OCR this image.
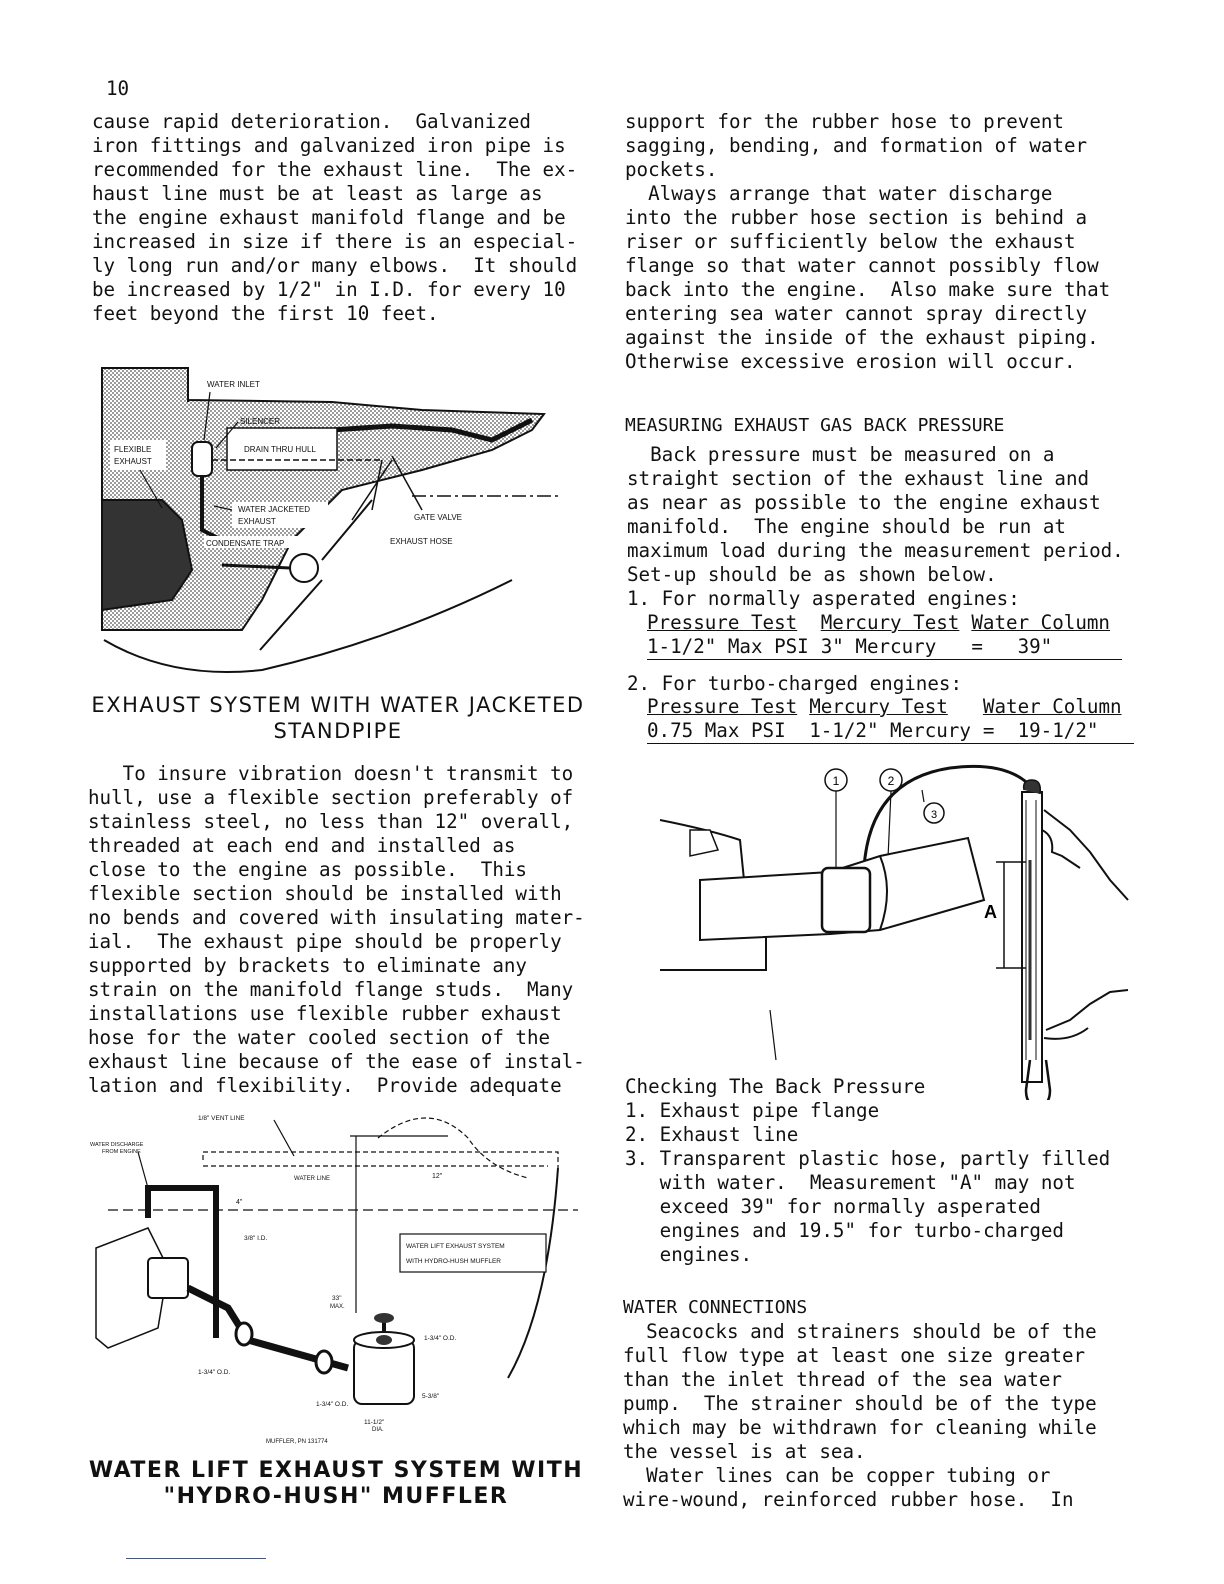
10
cause rapid deterioration.  Galvanized
iron fittings and galvanized iron pipe is
recommended for the exhaust line.  The ex-
haust line must be at least as large as
the engine exhaust manifold flange and be
increased in size if there is an especial-
ly long run and/or many elbows.  It should
be increased by 1/2" in I.D. for every 10
feet beyond the first 10 feet.
WATER INLET
SILENCER
FLEXIBLE
EXHAUST
DRAIN THRU HULL
WATER JACKETED
EXHAUST
CONDENSATE TRAP
GATE VALVE
EXHAUST HOSE
EXHAUST SYSTEM WITH WATER JACKETED
STANDPIPE
To insure vibration doesn't transmit to
hull, use a flexible section preferably of
stainless steel, no less than 12" overall,
threaded at each end and installed as
close to the engine as possible.  This
flexible section should be installed with
no bends and covered with insulating mater-
ial.  The exhaust pipe should be properly
supported by brackets to eliminate any
strain on the manifold flange studs.  Many
installations use flexible rubber exhaust
hose for the water cooled section of the
exhaust line because of the ease of instal-
lation and flexibility.  Provide adequate
WATER LIFT EXHAUST SYSTEM
WITH HYDRO-HUSH MUFFLER
1/8" VENT LINE
WATER DISCHARGE
FROM ENGINE
WATER LINE	12"
4"
3/8" I.D.
33"
MAX.
1-3/4" O.D.
1-3/4" O.D.
1-3/4" O.D.
5-3/8"
11-1/2"
DIA.
MUFFLER, PN 131774
WATER LIFT EXHAUST SYSTEM WITH
"HYDRO-HUSH" MUFFLER
support for the rubber hose to prevent
sagging, bending, and formation of water
pockets.
Always arrange that water discharge
into the rubber hose section is behind a
riser or sufficiently below the exhaust
flange so that water cannot possibly flow
back into the engine.  Also make sure that
entering sea water cannot spray directly
against the inside of the exhaust piping.
Otherwise excessive erosion will occur.
MEASURING EXHAUST GAS BACK PRESSURE
Back pressure must be measured on a
straight section of the exhaust line and
as near as possible to the engine exhaust
manifold.  The engine should be run at
maximum load during the measurement period.
Set-up should be as shown below.
1. For normally asperated engines:
Pressure Test	Mercury Test	Water Column
1-1/2" Max PSI	3" Mercury	=   39"
2. For turbo-charged engines:
Pressure Test	Mercury Test	Water Column
0.75 Max PSI	1-1/2" Mercury	=  19-1/2"
1	2
3
A
Checking The Back Pressure
1. Exhaust pipe flange
2. Exhaust line
3. Transparent plastic hose, partly filled
with water.  Measurement "A" may not
exceed 39" for normally asperated
engines and 19.5" for turbo-charged
engines.
WATER CONNECTIONS
Seacocks and strainers should be of the
full flow type at least one size greater
than the inlet thread of the sea water
pump.  The strainer should be of the type
which may be withdrawn for cleaning while
the vessel is at sea.
Water lines can be copper tubing or
wire-wound, reinforced rubber hose.  In
